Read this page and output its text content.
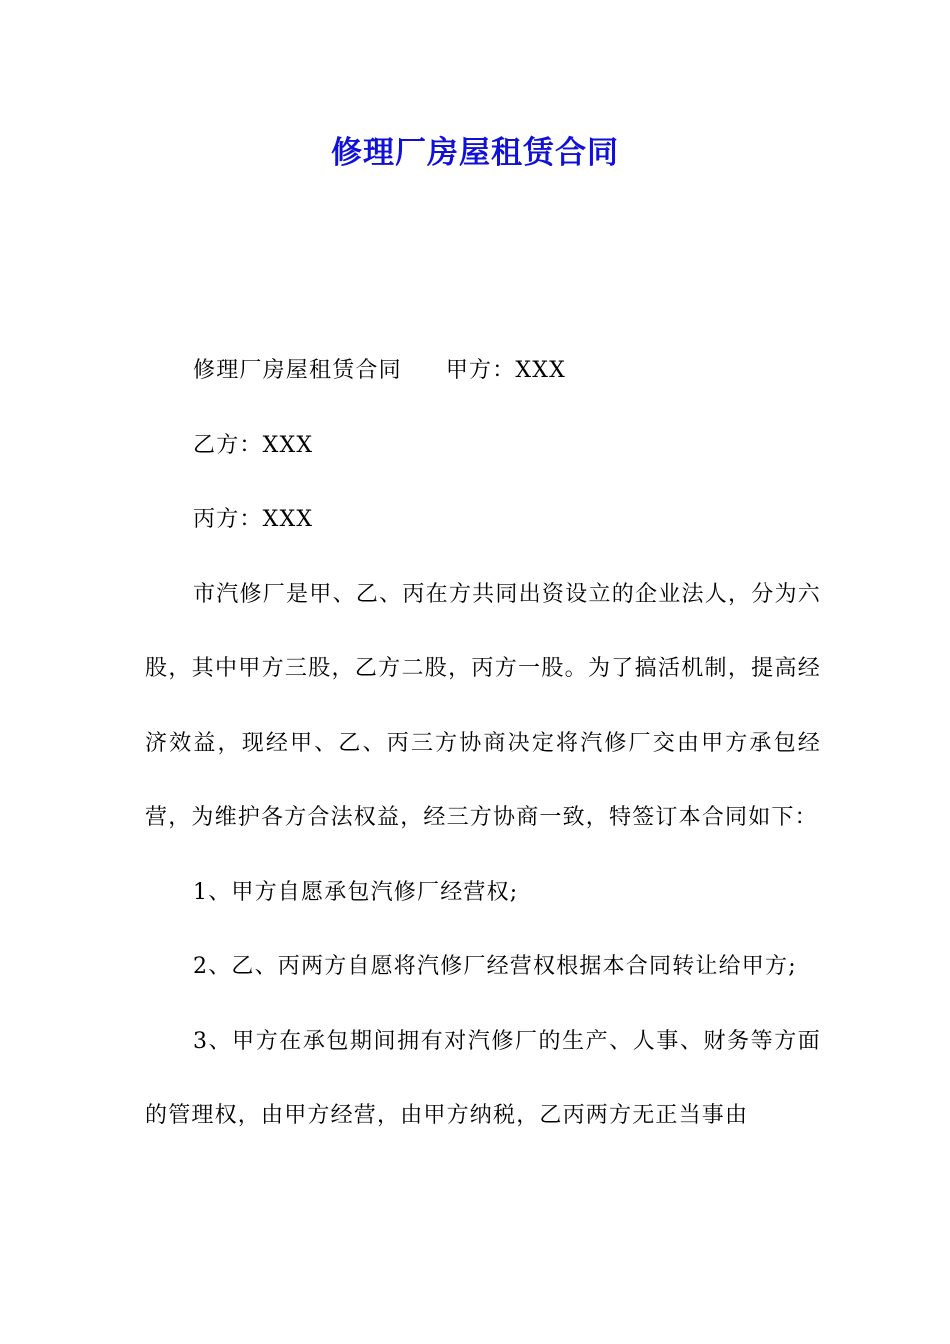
修理厂房屋租赁合同

修理厂房屋租赁合同 甲方：XXX

乙方：XXX

丙方：XXX

市汽修厂是甲、乙、丙在方共同出资设立的企业法人，分为六股，其中甲方三股，乙方二股，丙方一股。为了搞活机制，提高经济效益，现经甲、乙、丙三方协商决定将汽修厂交由甲方承包经营，为维护各方合法权益，经三方协商一致，特签订本合同如下：

1、甲方自愿承包汽修厂经营权;

2、乙、丙两方自愿将汽修厂经营权根据本合同转让给甲方;

3、甲方在承包期间拥有对汽修厂的生产、人事、财务等方面的管理权，由甲方经营，由甲方纳税，乙丙两方无正当事由
